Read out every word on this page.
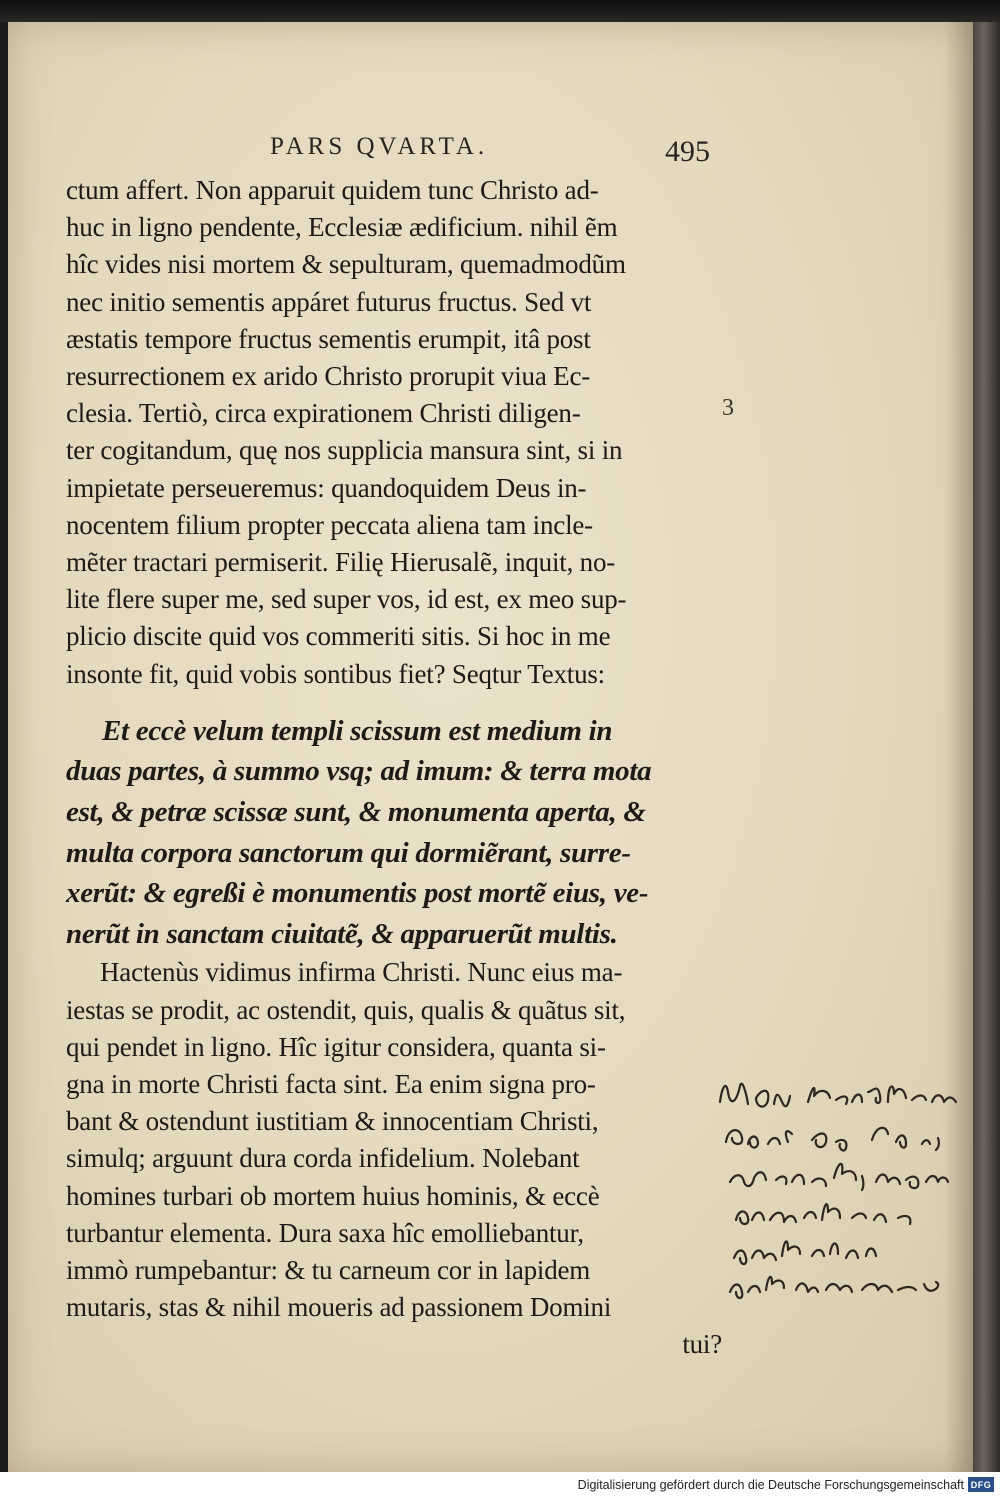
PARS QVARTA.	495
ctum affert. Non apparuit quidem tunc Christo ad-
huc in ligno pendente, Ecclesiæ ædificium. nihil ẽm
hîc vides nisi mortem & sepulturam, quemadmodũm
nec initio sementis appáret futurus fructus. Sed vt
æstatis tempore fructus sementis erumpit, itâ post
resurrectionem ex arido Christo prorupit viua Ec-
clesia. Tertiò, circa expirationem Christi diligen-
ter cogitandum, quę nos supplicia mansura sint, si in
impietate perseueremus: quandoquidem Deus in-
nocentem filium propter peccata aliena tam incle-
mẽter tractari permiserit. Filię Hierusalẽ, inquit, no-
lite flere super me, sed super vos, id est, ex meo sup-
plicio discite quid vos commeriti sitis. Si hoc in me
insonte fit, quid vobis sontibus fiet? Seqtur Textus:
Et eccè velum templi scissum est medium in
duas partes, à summo vsq; ad imum: & terra mota
est, & petræ scissæ sunt, & monumenta aperta, &
multa corpora sanctorum qui dormiẽrant, surre-
xerũt: & egreßi è monumentis post mortẽ eius, ve-
nerũt in sanctam ciuitatẽ, & apparuerũt multis.
Hactenùs vidimus infirma Christi. Nunc eius ma-
iestas se prodit, ac ostendit, quis, qualis & quãtus sit,
qui pendet in ligno. Hîc igitur considera, quanta si-
gna in morte Christi facta sint. Ea enim signa pro-
bant & ostendunt iustitiam & innocentiam Christi,
simulq; arguunt dura corda infidelium. Nolebant
homines turbari ob mortem huius hominis, & eccè
turbantur elementa. Dura saxa hîc emolliebantur,
immò rumpebantur: & tu carneum cor in lapidem
mutaris, stas & nihil moueris ad passionem Domini
tui?
3
Digitalisierung gefördert durch die Deutsche Forschungsgemeinschaft DFG
